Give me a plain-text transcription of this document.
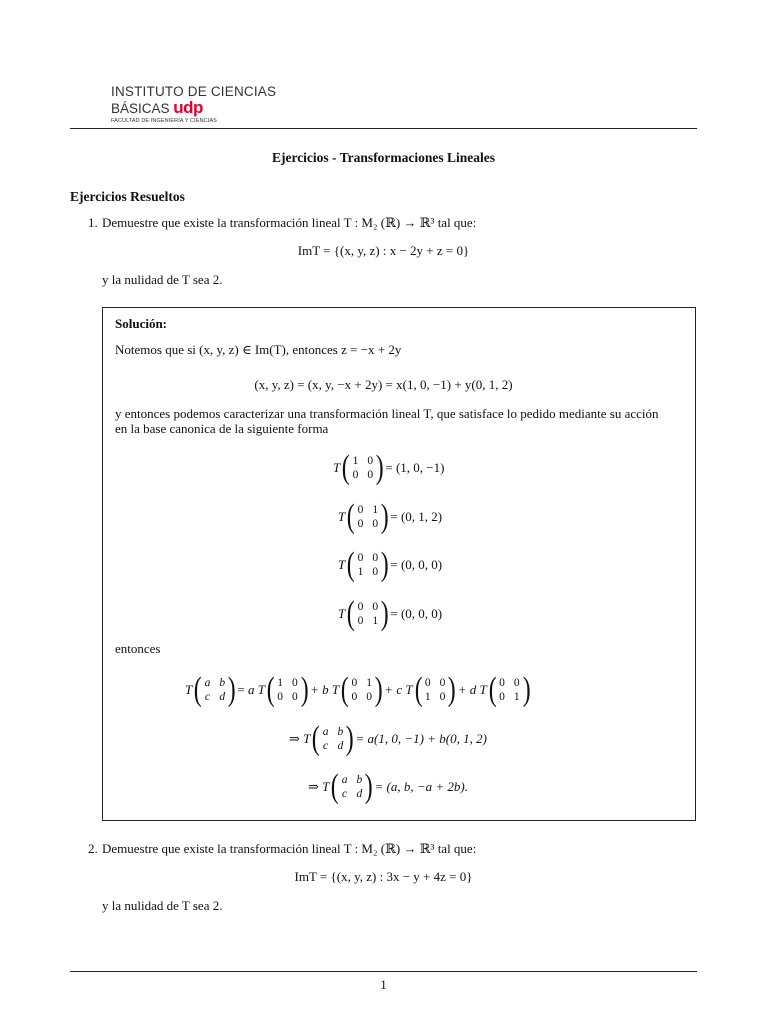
INSTITUTO DE CIENCIAS
BÁSICAS udp
FACULTAD DE INGENIERÍA Y CIENCIAS
Ejercicios - Transformaciones Lineales
Ejercicios Resueltos
1. Demuestre que existe la transformación lineal T : M₂ (ℝ) → ℝ³ tal que:
ImT = {(x, y, z) : x − 2y + z = 0}
y la nulidad de T sea 2.
Solución:
Notemos que si (x, y, z) ∈ Im(T), entonces z = −x + 2y
(x, y, z) = (x, y, −x + 2y) = x(1, 0, −1) + y(0, 1, 2)
y entonces podemos caracterizar una transformación lineal T, que satisface lo pedido mediante su acción
en la base canonica de la siguiente forma
T ( 1 0
0 0 ) = (1, 0, −1)
T ( 0 1
0 0 ) = (0, 1, 2)
T ( 0 0
1 0 ) = (0, 0, 0)
T ( 0 0
0 1 ) = (0, 0, 0)
entonces
T ( a b
c d ) =
a T ( 1 0
0 0 ) + b T ( 0 1
0 0 ) + c T ( 0 0
1 0 ) + d T ( 0 0
0 1 )
⇒ T ( a b
c d ) = a(1, 0, −1) + b(0, 1, 2)
⇒ T ( a b
c d ) = (a, b, −a + 2b).
2. Demuestre que existe la transformación lineal T : M₂ (ℝ) → ℝ³ tal que:
ImT = {(x, y, z) : 3x − y + 4z = 0}
y la nulidad de T sea 2.
1
